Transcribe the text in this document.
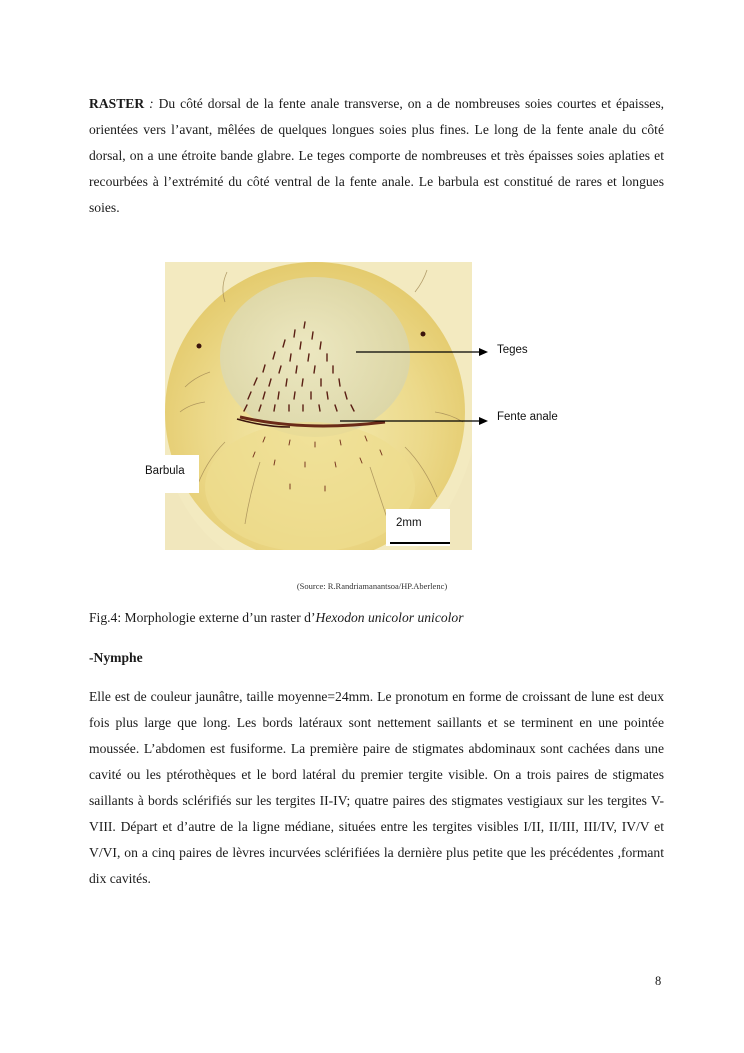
RASTER : Du côté dorsal de la fente anale transverse, on a de nombreuses soies courtes et épaisses, orientées vers l’avant, mêlées de quelques longues soies plus fines. Le long de la fente anale du côté dorsal, on a une étroite bande glabre. Le teges comporte de nombreuses et très épaisses soies aplaties et recourbées à l’extrémité du côté ventral de la fente anale. Le barbula est constitué de rares et longues soies.

2mm
Barbula
Teges
Fente anale
(Source: R.Randriamanantsoa/HP.Aberlenc)
Fig.4: Morphologie externe d’un raster d’Hexodon unicolor unicolor
-Nymphe

Elle est de couleur jaunâtre, taille moyenne=24mm. Le pronotum en forme de croissant de lune est deux fois plus large que long. Les bords latéraux sont nettement saillants et se terminent en une pointée moussée. L’abdomen est fusiforme. La première paire de stigmates abdominaux sont cachées dans une cavité ou les ptérothèques et le bord latéral du premier tergite visible. On a trois paires de stigmates saillants à bords sclérifiés sur les tergites II-IV; quatre paires des stigmates vestigiaux sur les tergites V-VIII. Départ et d’autre de la ligne médiane, situées entre les tergites visibles I/II, II/III, III/IV, IV/V et V/VI, on a cinq paires de lèvres incurvées sclérifiées la dernière plus petite que les précédentes ,formant dix cavités.

8
